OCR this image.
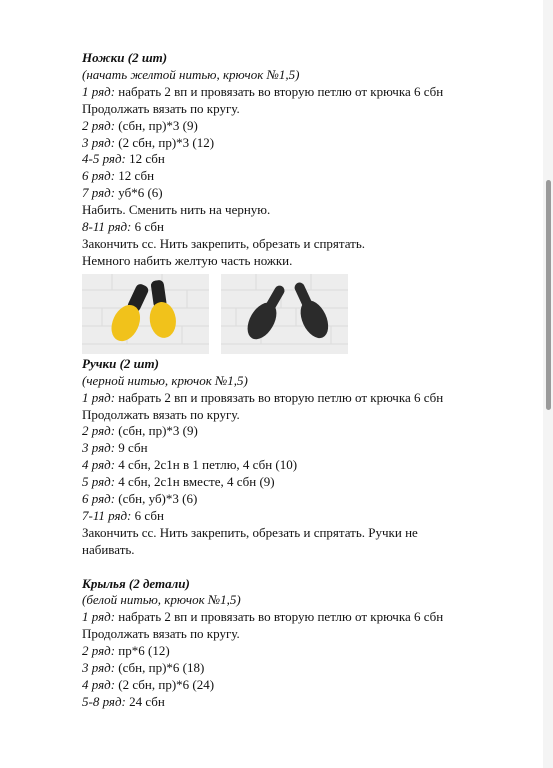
Ножки (2 шт)
(начать желтой нитью, крючок №1,5)
1 ряд: набрать 2 вп и провязать во вторую петлю от крючка 6 сбн
Продолжать вязать по кругу.
2 ряд: (сбн, пр)*3 (9)
3 ряд: (2 сбн, пр)*3 (12)
4-5 ряд: 12 сбн
6 ряд: 12 сбн
7 ряд: уб*6 (6)
Набить. Сменить нить на черную.
8-11 ряд: 6 сбн
Закончить сс. Нить закрепить, обрезать и спрятать.
Немного набить желтую часть ножки.
Ручки (2 шт)
(черной нитью, крючок №1,5)
1 ряд: набрать 2 вп и провязать во вторую петлю от крючка 6 сбн
Продолжать вязать по кругу.
2 ряд: (сбн, пр)*3 (9)
3 ряд: 9 сбн
4 ряд: 4 сбн, 2с1н в 1 петлю, 4 сбн (10)
5 ряд: 4 сбн, 2с1н вместе, 4 сбн (9)
6 ряд: (сбн, уб)*3 (6)
7-11 ряд: 6 сбн
Закончить сс. Нить закрепить, обрезать и спрятать. Ручки не
набивать.
Крылья (2 детали)
(белой нитью, крючок №1,5)
1 ряд: набрать 2 вп и провязать во вторую петлю от крючка 6 сбн
Продолжать вязать по кругу.
2 ряд: пр*6 (12)
3 ряд: (сбн, пр)*6 (18)
4 ряд: (2 сбн, пр)*6 (24)
5-8 ряд: 24 сбн
